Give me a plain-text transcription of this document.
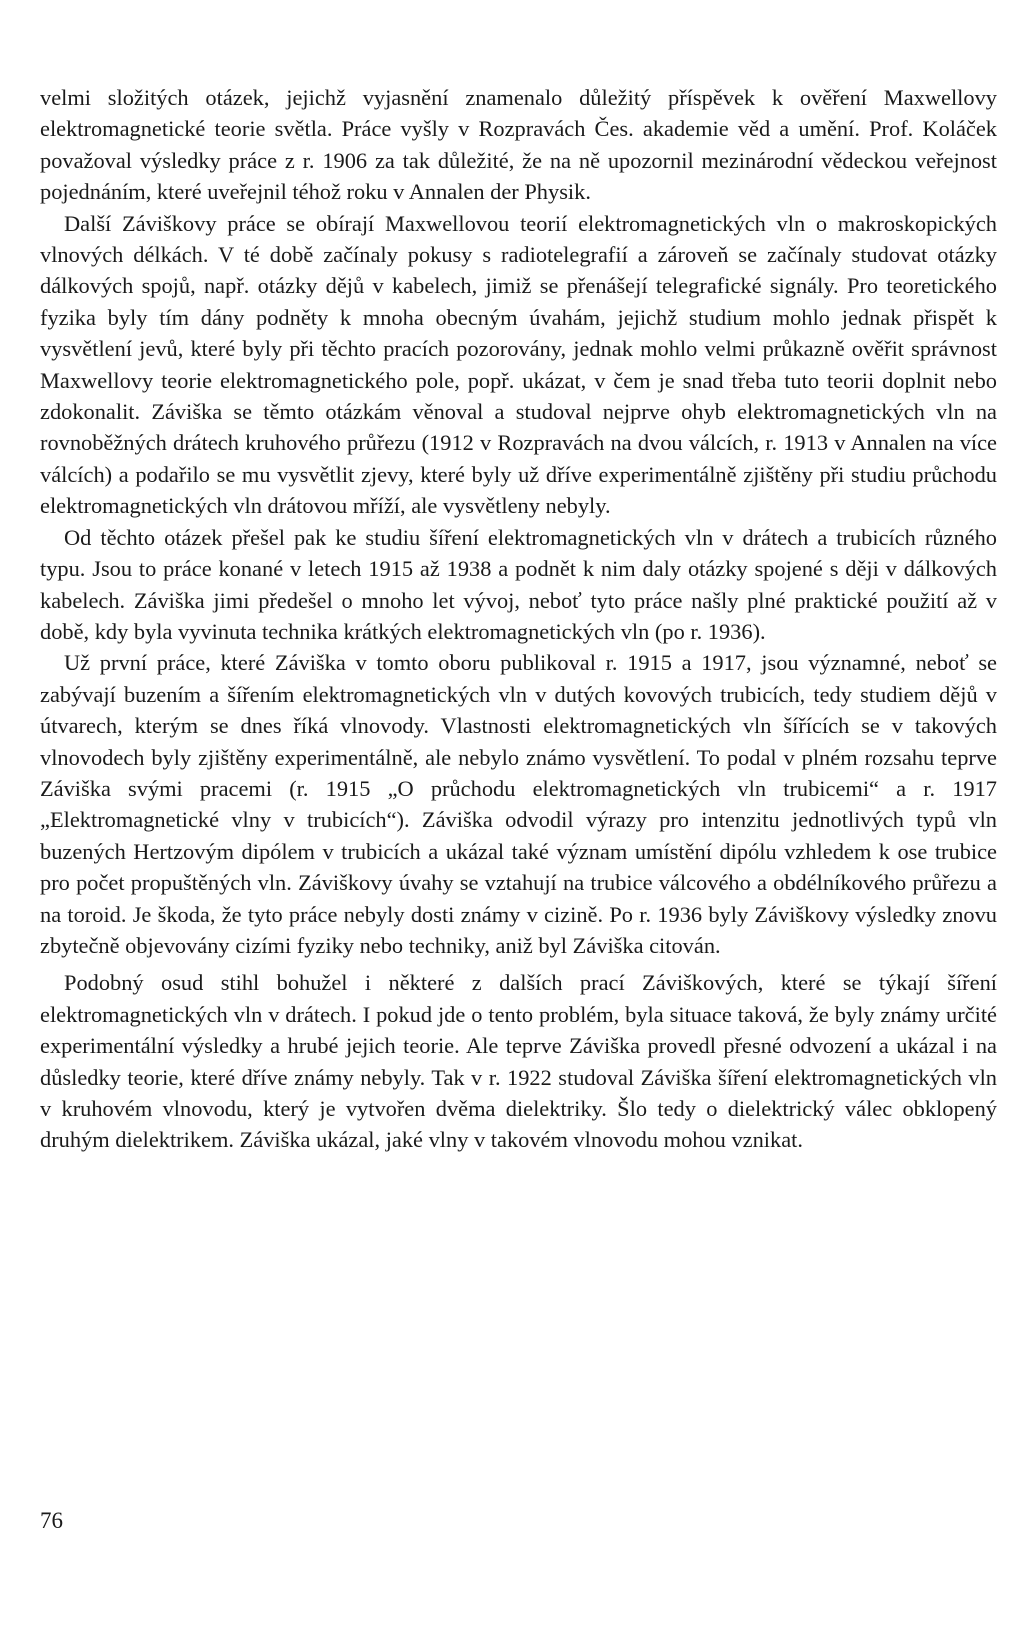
velmi složitých otázek, jejichž vyjasnění znamenalo důležitý příspěvek k ověření Maxwellovy elektromagnetické teorie světla. Práce vyšly v Rozpravách Čes. akademie věd a umění. Prof. Koláček považoval výsledky práce z r. 1906 za tak důležité, že na ně upozornil mezinárodní vědeckou veřejnost pojednáním, které uveřejnil téhož roku v Annalen der Physik.

Další Záviškovy práce se obírají Maxwellovou teorií elektromagnetických vln o makroskopických vlnových délkách. V té době začínaly pokusy s radiotelegrafií a zároveň se začínaly studovat otázky dálkových spojů, např. otázky dějů v kabelech, jimiž se přenášejí telegrafické signály. Pro teoretického fyzika byly tím dány podněty k mnoha obecným úvahám, jejichž studium mohlo jednak přispět k vysvětlení jevů, které byly při těchto pracích pozorovány, jednak mohlo velmi průkazně ověřit správnost Maxwellovy teorie elektromagnetického pole, popř. ukázat, v čem je snad třeba tuto teorii doplnit nebo zdokonalit. Záviška se těmto otázkám věnoval a studoval nejprve ohyb elektromagnetických vln na rovnoběžných drátech kruhového průřezu (1912 v Rozpravách na dvou válcích, r. 1913 v Annalen na více válcích) a podařilo se mu vysvětlit zjevy, které byly už dříve experimentálně zjištěny při studiu průchodu elektromagnetických vln drátovou mříží, ale vysvětleny nebyly.

Od těchto otázek přešel pak ke studiu šíření elektromagnetických vln v drátech a trubicích různého typu. Jsou to práce konané v letech 1915 až 1938 a podnět k nim daly otázky spojené s ději v dálkových kabelech. Záviška jimi předešel o mnoho let vývoj, neboť tyto práce našly plné praktické použití až v době, kdy byla vyvinuta technika krátkých elektromagnetických vln (po r. 1936).

Už první práce, které Záviška v tomto oboru publikoval r. 1915 a 1917, jsou významné, neboť se zabývají buzením a šířením elektromagnetických vln v dutých kovových trubicích, tedy studiem dějů v útvarech, kterým se dnes říká vlnovody. Vlastnosti elektromagnetických vln šířících se v takových vlnovodech byly zjištěny experimentálně, ale nebylo známo vysvětlení. To podal v plném rozsahu teprve Záviška svými pracemi (r. 1915 „O průchodu elektromagnetických vln trubicemi“ a r. 1917 „Elektromagnetické vlny v trubicích“). Záviška odvodil výrazy pro intenzitu jednotlivých typů vln buzených Hertzovým dipólem v trubicích a ukázal také význam umístění dipólu vzhledem k ose trubice pro počet propuštěných vln. Záviškovy úvahy se vztahují na trubice válcového a obdélníkového průřezu a na toroid. Je škoda, že tyto práce nebyly dosti známy v cizině. Po r. 1936 byly Záviškovy výsledky znovu zbytečně objevovány cizími fyziky nebo techniky, aniž byl Záviška citován.

Podobný osud stihl bohužel i některé z dalších prací Záviškových, které se týkají šíření elektromagnetických vln v drátech. I pokud jde o tento problém, byla situace taková, že byly známy určité experimentální výsledky a hrubé jejich teorie. Ale teprve Záviška provedl přesné odvození a ukázal i na důsledky teorie, které dříve známy nebyly. Tak v r. 1922 studoval Záviška šíření elektromagnetických vln v kruhovém vlnovodu, který je vytvořen dvěma dielektriky. Šlo tedy o dielektrický válec obklopený druhým dielektrikem. Záviška ukázal, jaké vlny v takovém vlnovodu mohou vznikat.

76
